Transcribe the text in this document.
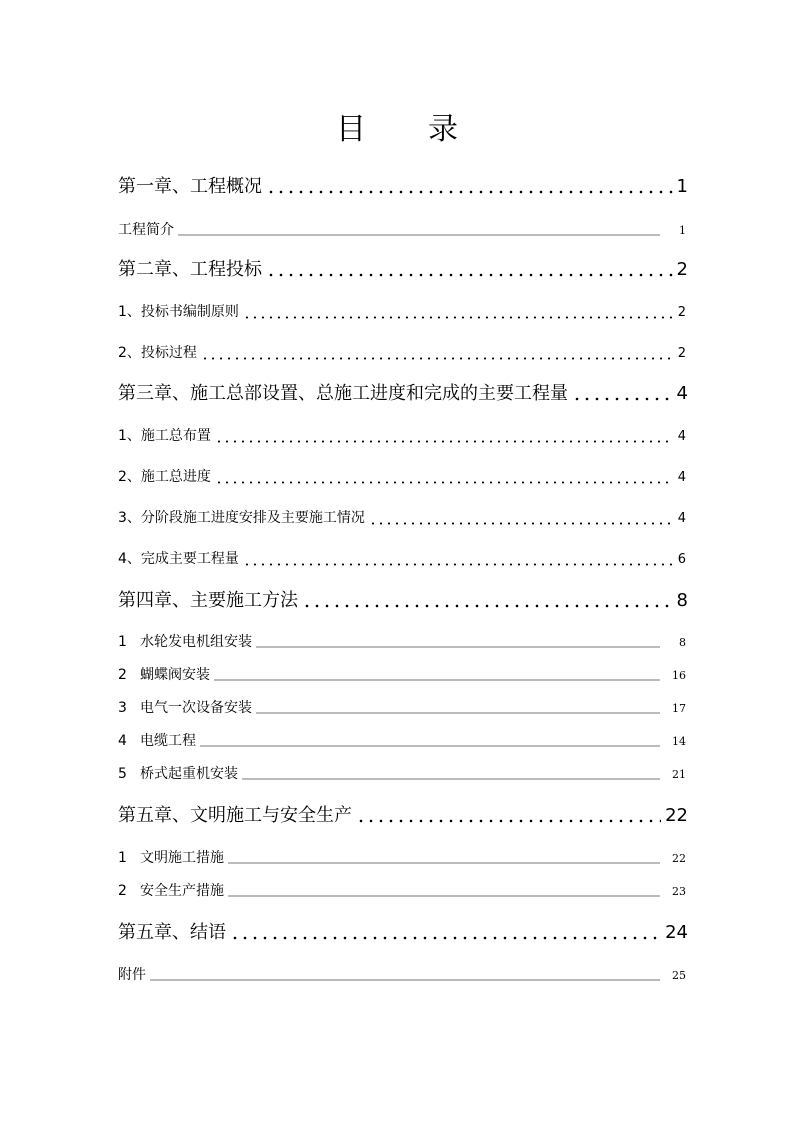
目 录
第一章、工程概况	1
工程简介	1
第二章、工程投标	2
1、投标书编制原则	2
2、投标过程	2
第三章、施工总部设置、总施工进度和完成的主要工程量	4
1、施工总布置	4
2、施工总进度	4
3、分阶段施工进度安排及主要施工情况	4
4、完成主要工程量	6
第四章、主要施工方法	8
1 水轮发电机组安装	8
2 蝴蝶阀安装	16
3 电气一次设备安装	17
4 电缆工程	14
5 桥式起重机安装	21
第五章、文明施工与安全生产	22
1 文明施工措施	22
2 安全生产措施	23
第五章、结语	24
附件	25
